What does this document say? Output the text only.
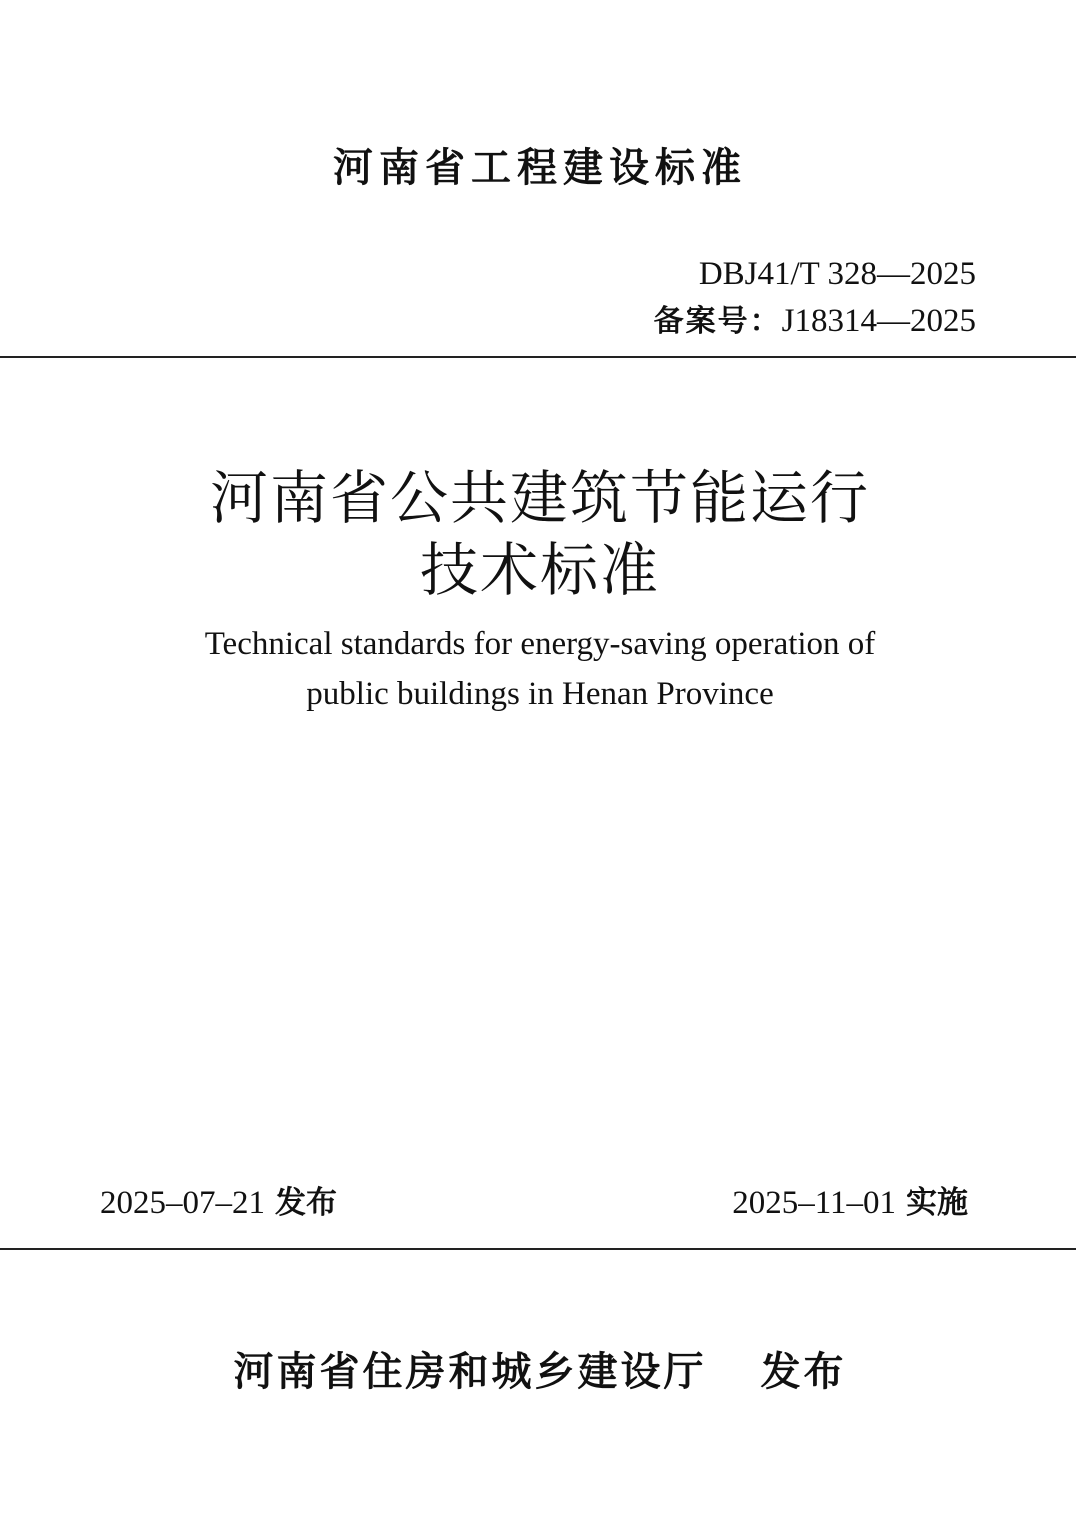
河南省工程建设标准
DBJ41/T 328—2025
备案号：J18314—2025
河南省公共建筑节能运行
技术标准
Technical standards for energy-saving operation of
public buildings in Henan Province
2025–07–21 发布	2025–11–01 实施
河南省住房和城乡建设厅 发布
